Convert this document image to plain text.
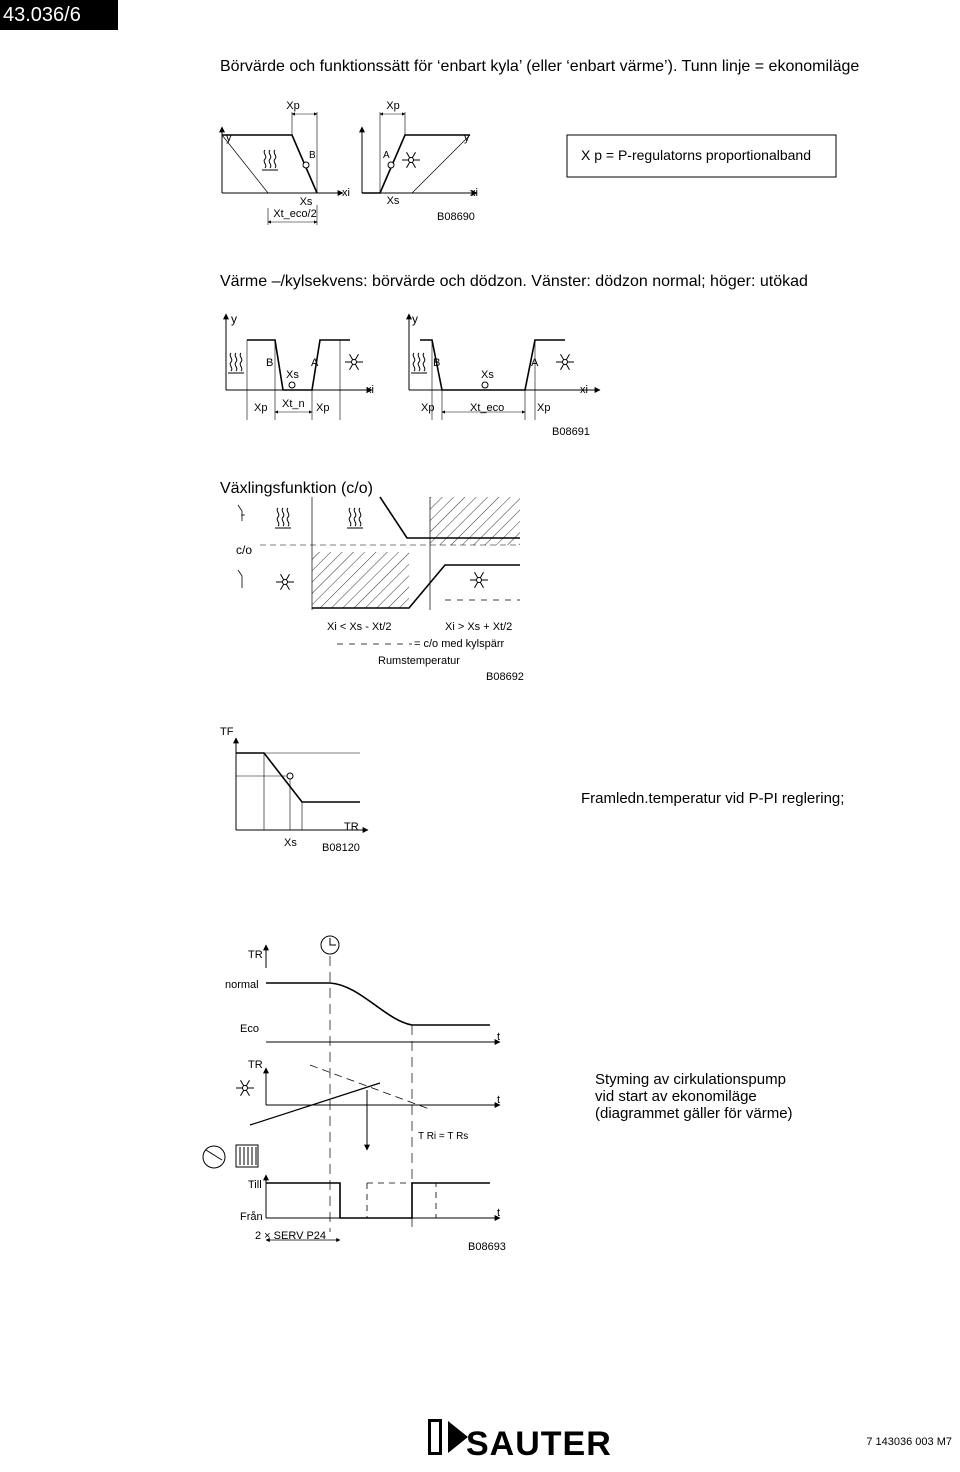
43.036/6
Börvärde och funktionssätt för ‘enbart kyla’ (eller ‘enbart värme’). Tunn linje = ekonomiläge
Värme –/kylsekvens: börvärde och dödzon. Vänster: dödzon normal; höger: utökad
Växlingsfunktion (c/o)
Framledn.temperatur vid P-PI reglering;
Styming av cirkulationspump
vid start av ekonomiläge
(diagrammet gäller för värme)
Xp
y
B
xi
Xs
Xt_eco/2
Xp
y
A
xi
Xs
B08690
X p = P-regulatorns proportionalband
y
B	A
Xs
xi
Xp Xt_n Xp
y
B	A
Xs
xi
Xp	Xt_eco	Xp
B08691
c/o
Xi < Xs - Xt/2	Xi > Xs + Xt/2
= c/o med kylspärr
Rumstemperatur
B08692
TF
TR
Xs B08120
TR
normal
Eco
t
TR
t
T Ri = T Rs
Till
Från	t
2 × SERV P24
B08693
SAUTER	7 143036 003 M7
